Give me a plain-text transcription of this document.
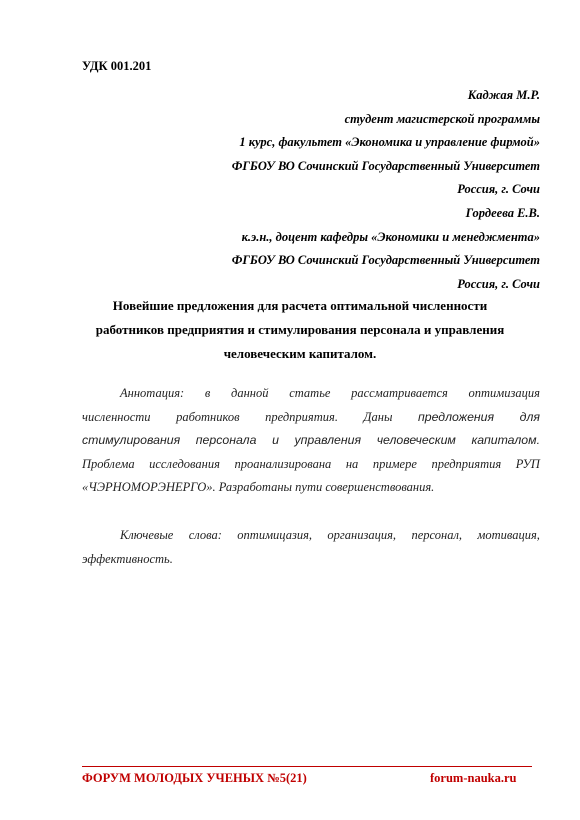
УДК 001.201
Каджая М.Р.
студент магистерской программы
1 курс, факультет «Экономика и управление фирмой»
ФГБОУ ВО Сочинский Государственный Университет
Россия, г. Сочи
Гордеева Е.В.
к.э.н., доцент кафедры «Экономики и менеджмента»
ФГБОУ ВО Сочинский Государственный Университет
Россия, г. Сочи
Новейшие предложения для расчета оптимальной численности
работников предприятия и стимулирования персонала и управления
человеческим капиталом.
Аннотация: в данной статье рассматривается оптимизация
численности работников предприятия. Даны предложения для
стимулирования персонала и управления человеческим капиталом.
Проблема исследования проанализирована на примере предприятия РУП
«ЧЭРНОМОРЭНЕРГО». Разработаны пути совершенствования.
Ключевые слова: оптимицазия, организация, персонал, мотивация,
эффективность.
ФОРУМ МОЛОДЫХ УЧЕНЫХ №5(21)	forum-nauka.ru
